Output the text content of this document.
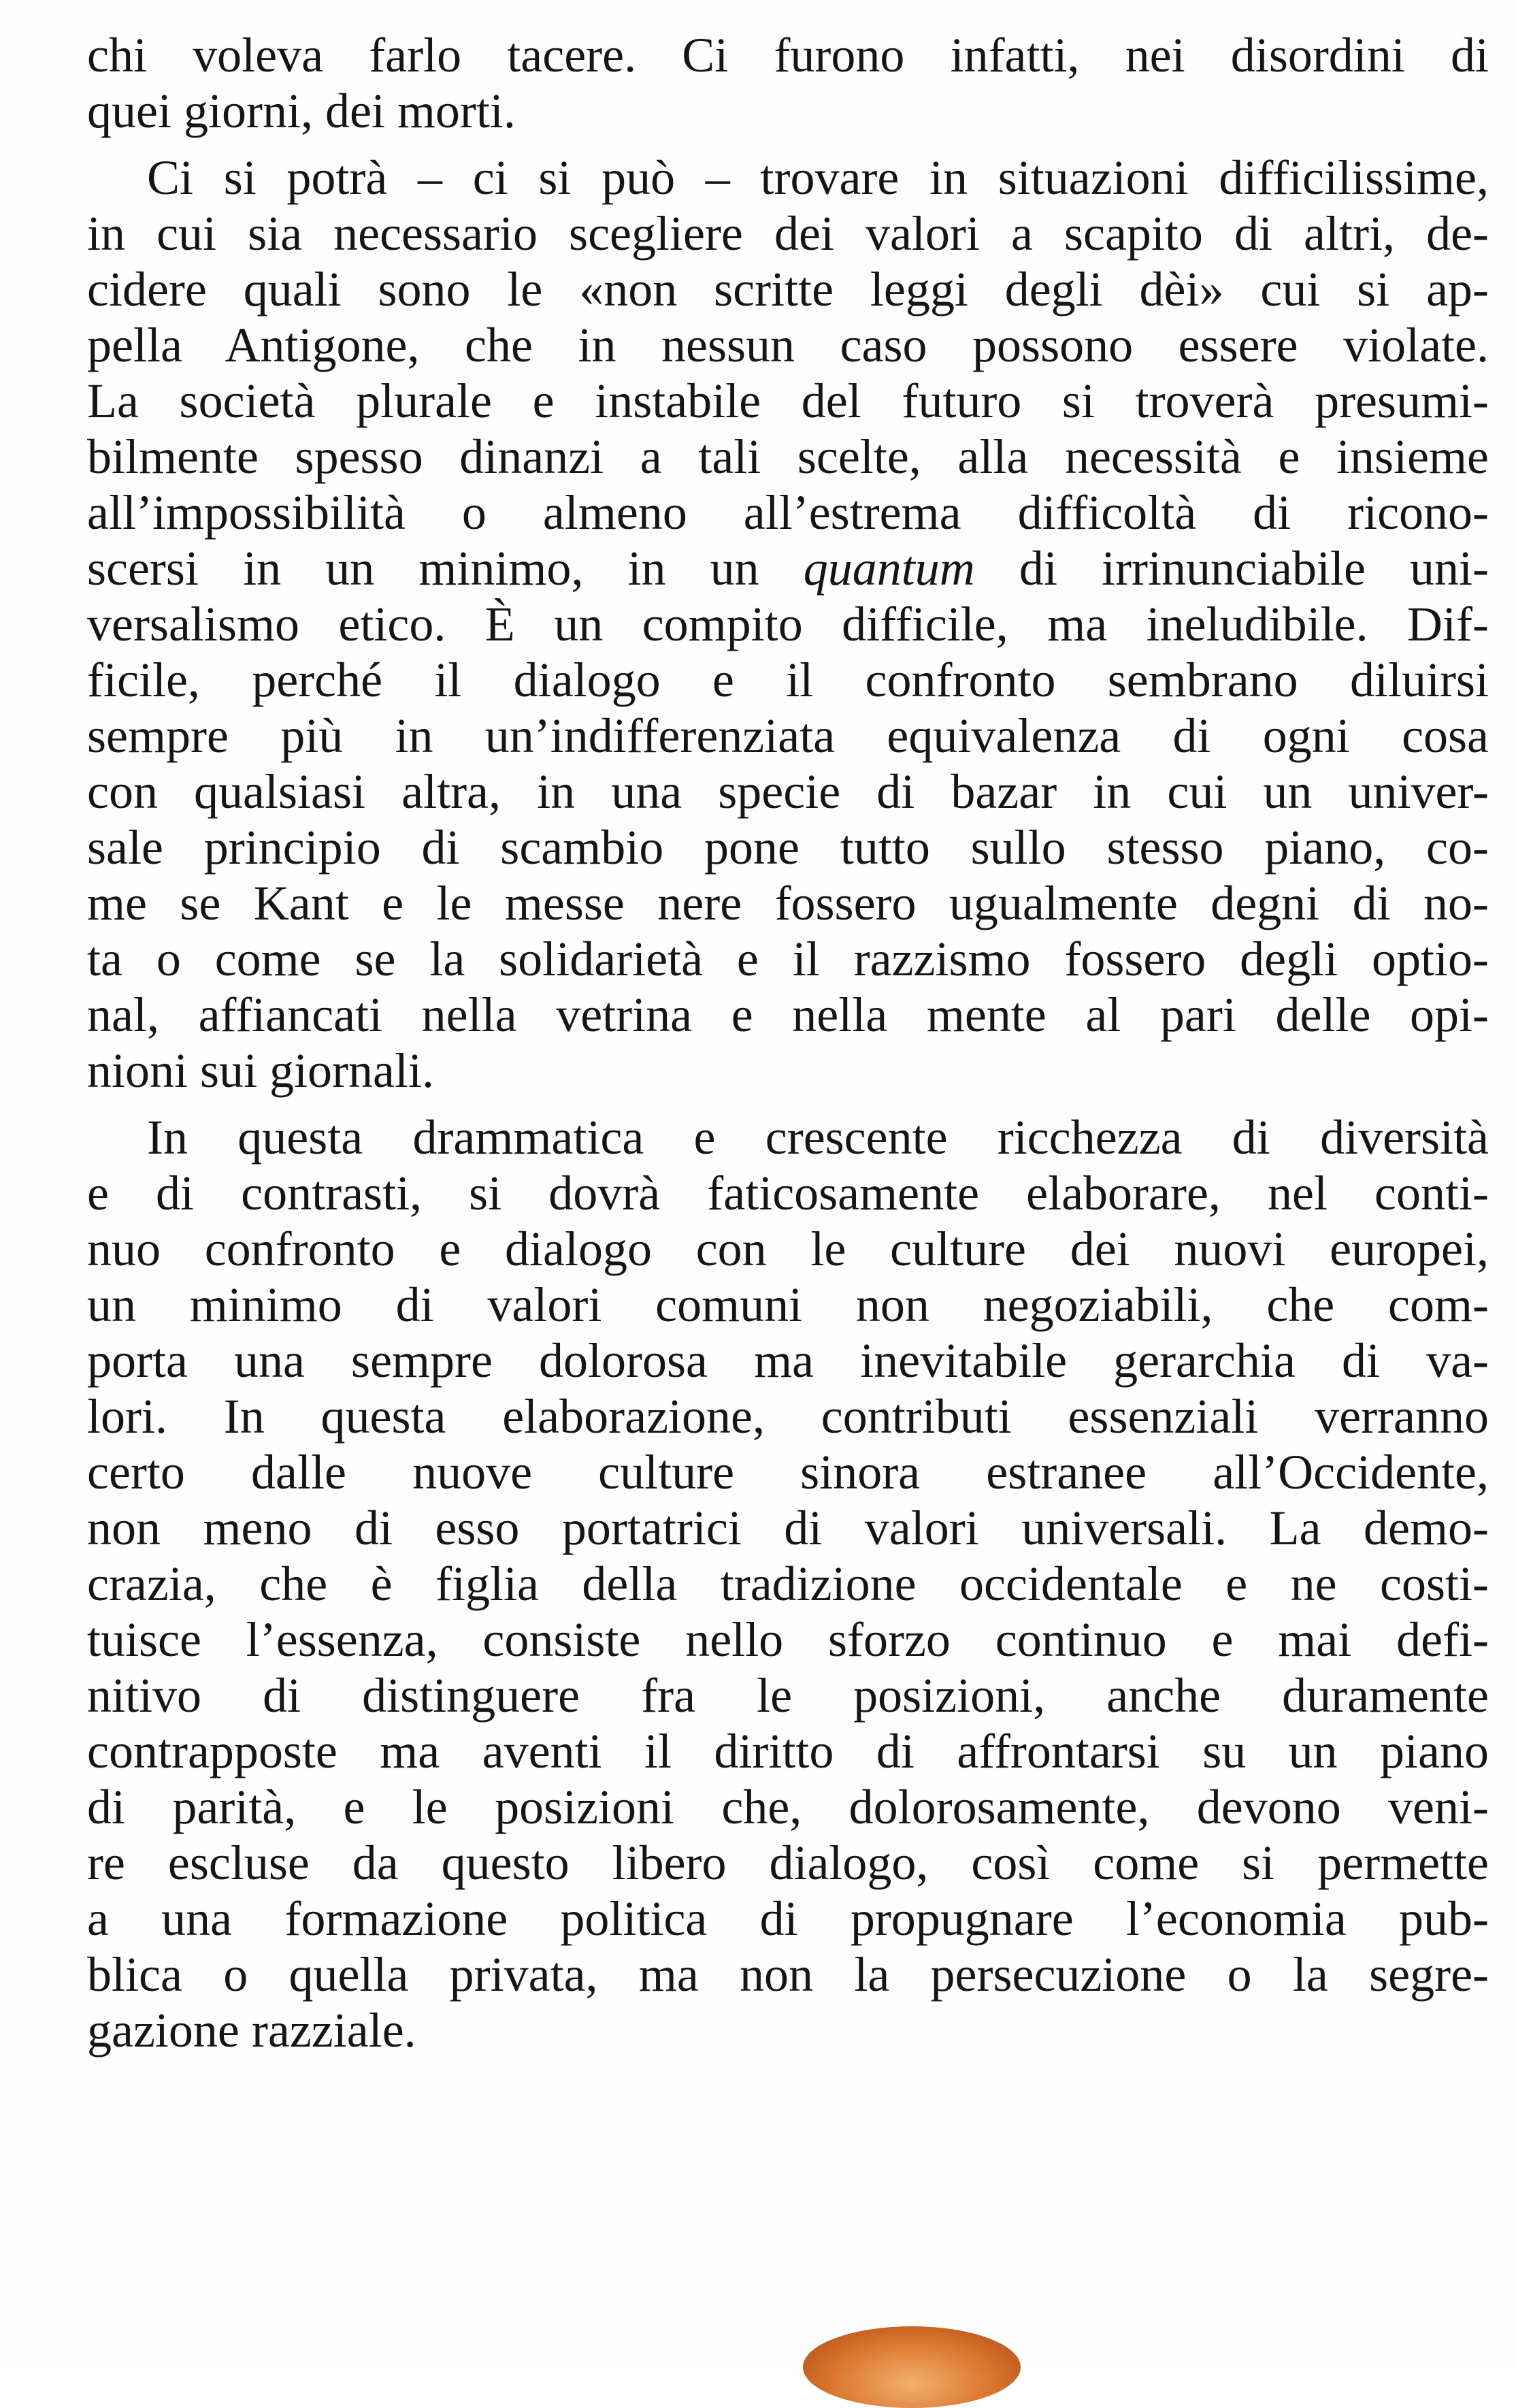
chi voleva farlo tacere. Ci furono infatti, nei disordini di
quei giorni, dei morti.
Ci si potrà – ci si può – trovare in situazioni difficilissime,
in cui sia necessario scegliere dei valori a scapito di altri, de-
cidere quali sono le «non scritte leggi degli dèi» cui si ap-
pella Antigone, che in nessun caso possono essere violate.
La società plurale e instabile del futuro si troverà presumi-
bilmente spesso dinanzi a tali scelte, alla necessità e insieme
all’impossibilità o almeno all’estrema difficoltà di ricono-
scersi in un minimo, in un quantum di irrinunciabile uni-
versalismo etico. È un compito difficile, ma ineludibile. Dif-
ficile, perché il dialogo e il confronto sembrano diluirsi
sempre più in un’indifferenziata equivalenza di ogni cosa
con qualsiasi altra, in una specie di bazar in cui un univer-
sale principio di scambio pone tutto sullo stesso piano, co-
me se Kant e le messe nere fossero ugualmente degni di no-
ta o come se la solidarietà e il razzismo fossero degli optio-
nal, affiancati nella vetrina e nella mente al pari delle opi-
nioni sui giornali.
In questa drammatica e crescente ricchezza di diversità
e di contrasti, si dovrà faticosamente elaborare, nel conti-
nuo confronto e dialogo con le culture dei nuovi europei,
un minimo di valori comuni non negoziabili, che com-
porta una sempre dolorosa ma inevitabile gerarchia di va-
lori. In questa elaborazione, contributi essenziali verranno
certo dalle nuove culture sinora estranee all’Occidente,
non meno di esso portatrici di valori universali. La demo-
crazia, che è figlia della tradizione occidentale e ne costi-
tuisce l’essenza, consiste nello sforzo continuo e mai defi-
nitivo di distinguere fra le posizioni, anche duramente
contrapposte ma aventi il diritto di affrontarsi su un piano
di parità, e le posizioni che, dolorosamente, devono veni-
re escluse da questo libero dialogo, così come si permette
a una formazione politica di propugnare l’economia pub-
blica o quella privata, ma non la persecuzione o la segre-
gazione razziale.
